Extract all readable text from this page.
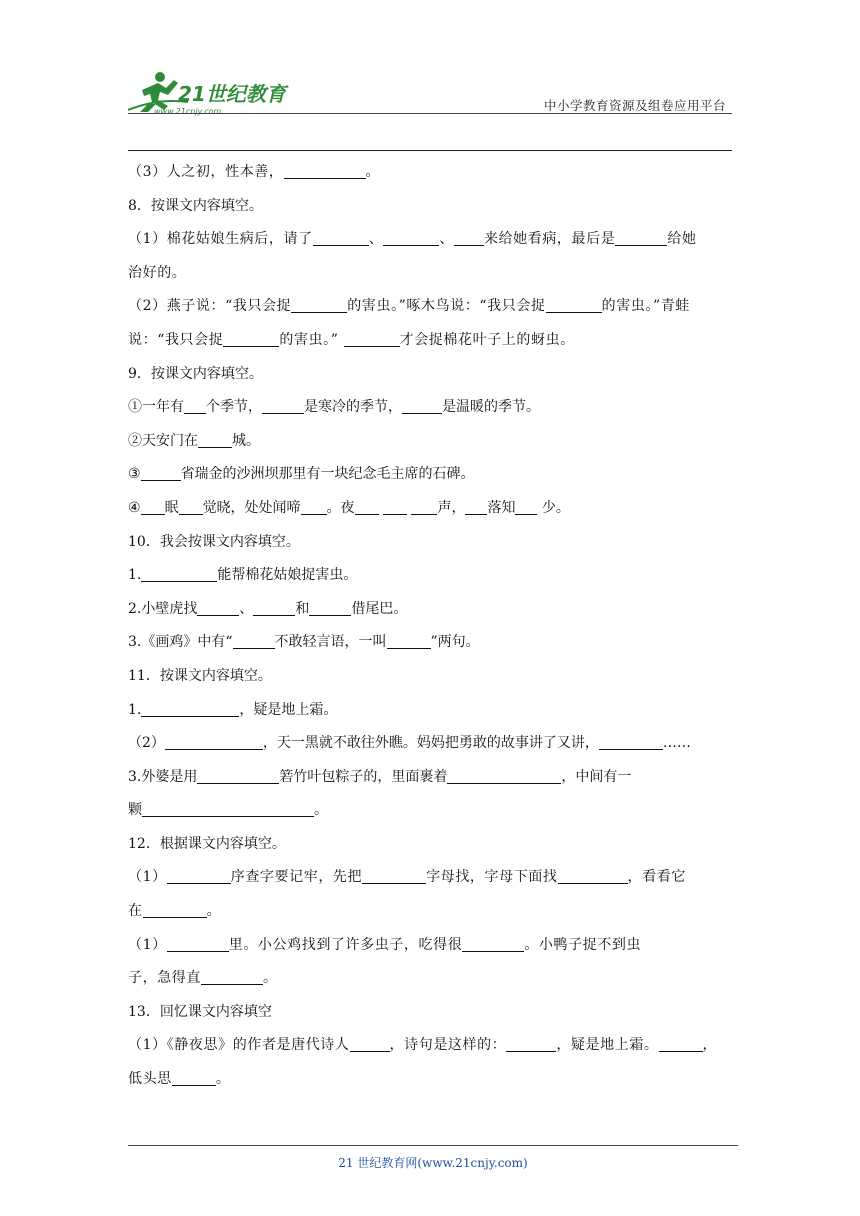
21世纪教育
www.21cnjy.com	中小学教育资源及组卷应用平台
（3）人之初，性本善，	。
8．按课文内容填空。
（1）棉花姑娘生病后，请了	、	、 来给她看病，最后是	给她
治好的。
（2）燕子说：“我只会捉	的害虫。”啄木鸟说：“我只会捉	的害虫。”青蛙
说：“我只会捉	的害虫。”	才会捉棉花叶子上的蚜虫。
9．按课文内容填空。
①一年有 个季节，	是寒冷的季节，	是温暖的季节。
②天安门在 城。
③	省瑞金的沙洲坝那里有一块纪念毛主席的石碑。
④ 眠 觉晓，处处闻啼 。夜	声， 落知 少。
10．我会按课文内容填空。
1.	能帮棉花姑娘捉害虫。
2.小壁虎找	、	和	借尾巴。
3.《画鸡》中有“	不敢轻言语，一叫	”两句。
11．按课文内容填空。
1.	，疑是地上霜。
（2）	，天一黑就不敢往外瞧。妈妈把勇敢的故事讲了又讲，	……
3.外婆是用	箬竹叶包粽子的，里面裹着	，中间有一
颗	。
12．根据课文内容填空。
（1）	序查字要记牢，先把	字母找，字母下面找	，看看它
在	。
（1）	里。小公鸡找到了许多虫子，吃得很	。小鸭子捉不到虫
子，急得直	。
13．回忆课文内容填空
（1）《静夜思》的作者是唐代诗人	，诗句是这样的：	，疑是地上霜。	，
低头思	。
21 世纪教育网(www.21cnjy.com)
